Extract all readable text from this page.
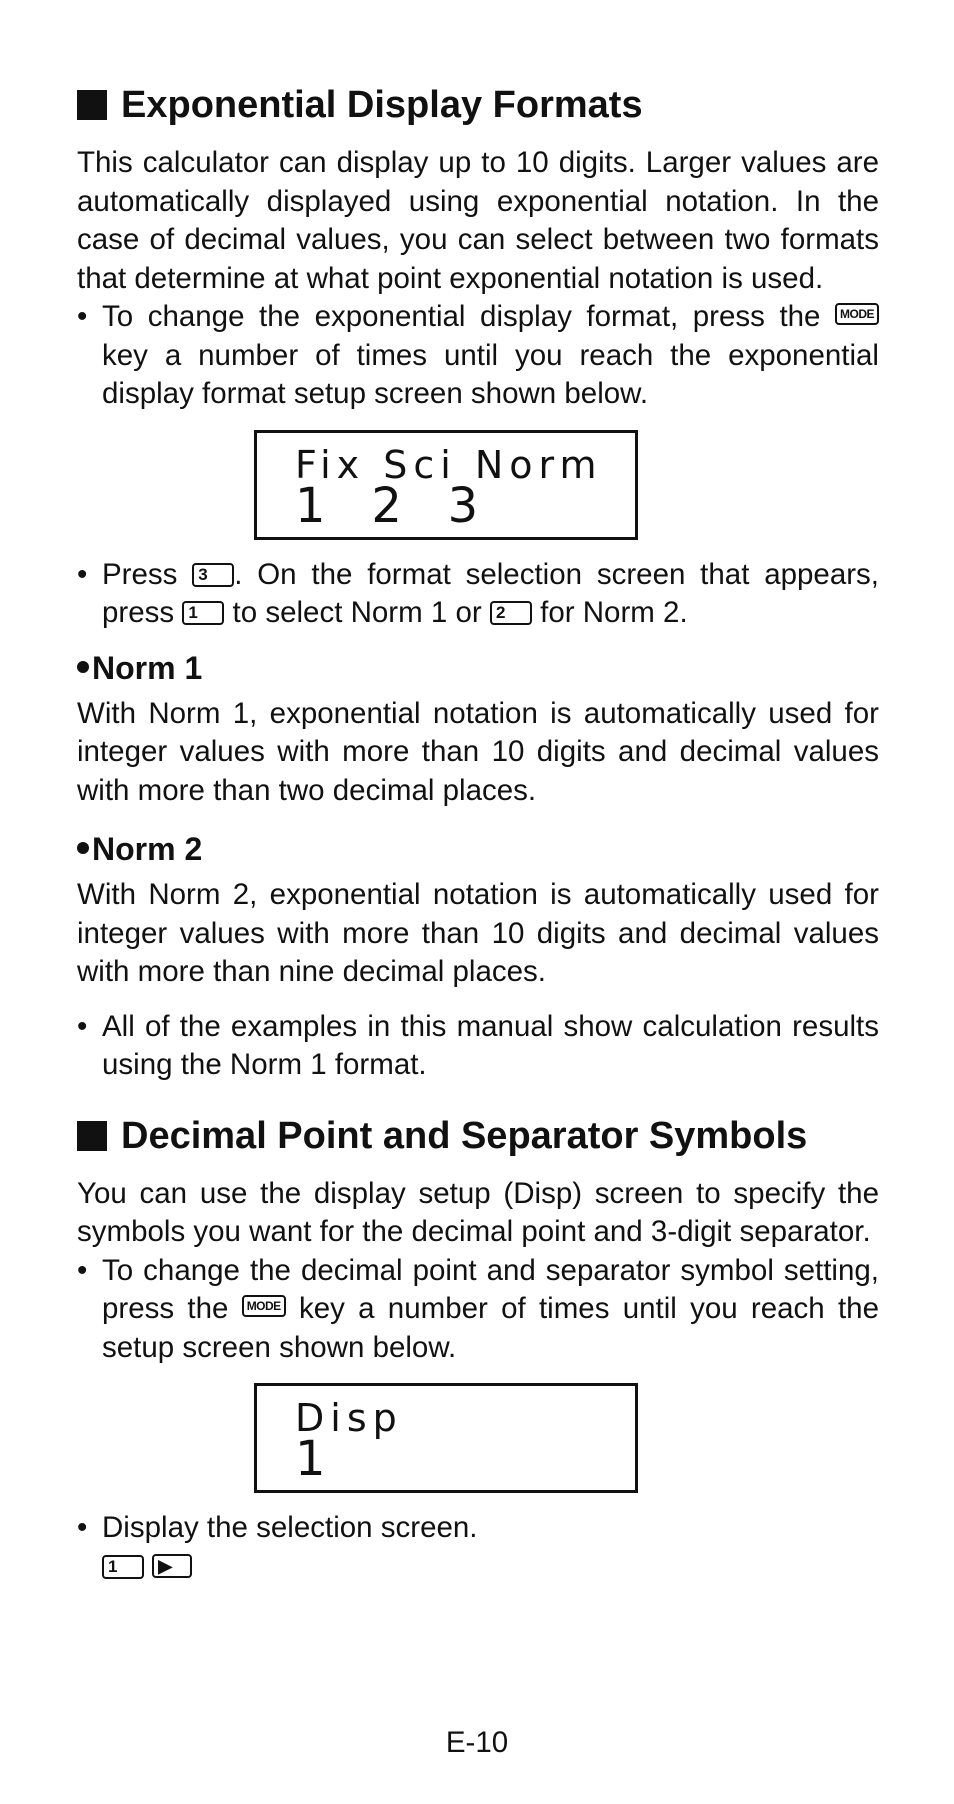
Exponential Display Formats

This calculator can display up to 10 digits. Larger values are automatically displayed using exponential notation. In the case of decimal values, you can select between two formats that determine at what point exponential notation is used.

• To change the exponential display format, press the MODE key a number of times until you reach the exponential display format setup screen shown below.

Fix Sci Norm
1   2   3

• Press 3 . On the format selection screen that appears, press 1 to select Norm 1 or 2 for Norm 2.

Norm 1

With Norm 1, exponential notation is automatically used for integer values with more than 10 digits and decimal values with more than two decimal places.

Norm 2

With Norm 2, exponential notation is automatically used for integer values with more than 10 digits and decimal values with more than nine decimal places.

• All of the examples in this manual show calculation results using the Norm 1 format.

Decimal Point and Separator Symbols

You can use the display setup (Disp) screen to specify the symbols you want for the decimal point and 3-digit separator.

• To change the decimal point and separator symbol setting, press the MODE key a number of times until you reach the setup screen shown below.

Disp
1

• Display the selection screen.
1 ▶

E-10
